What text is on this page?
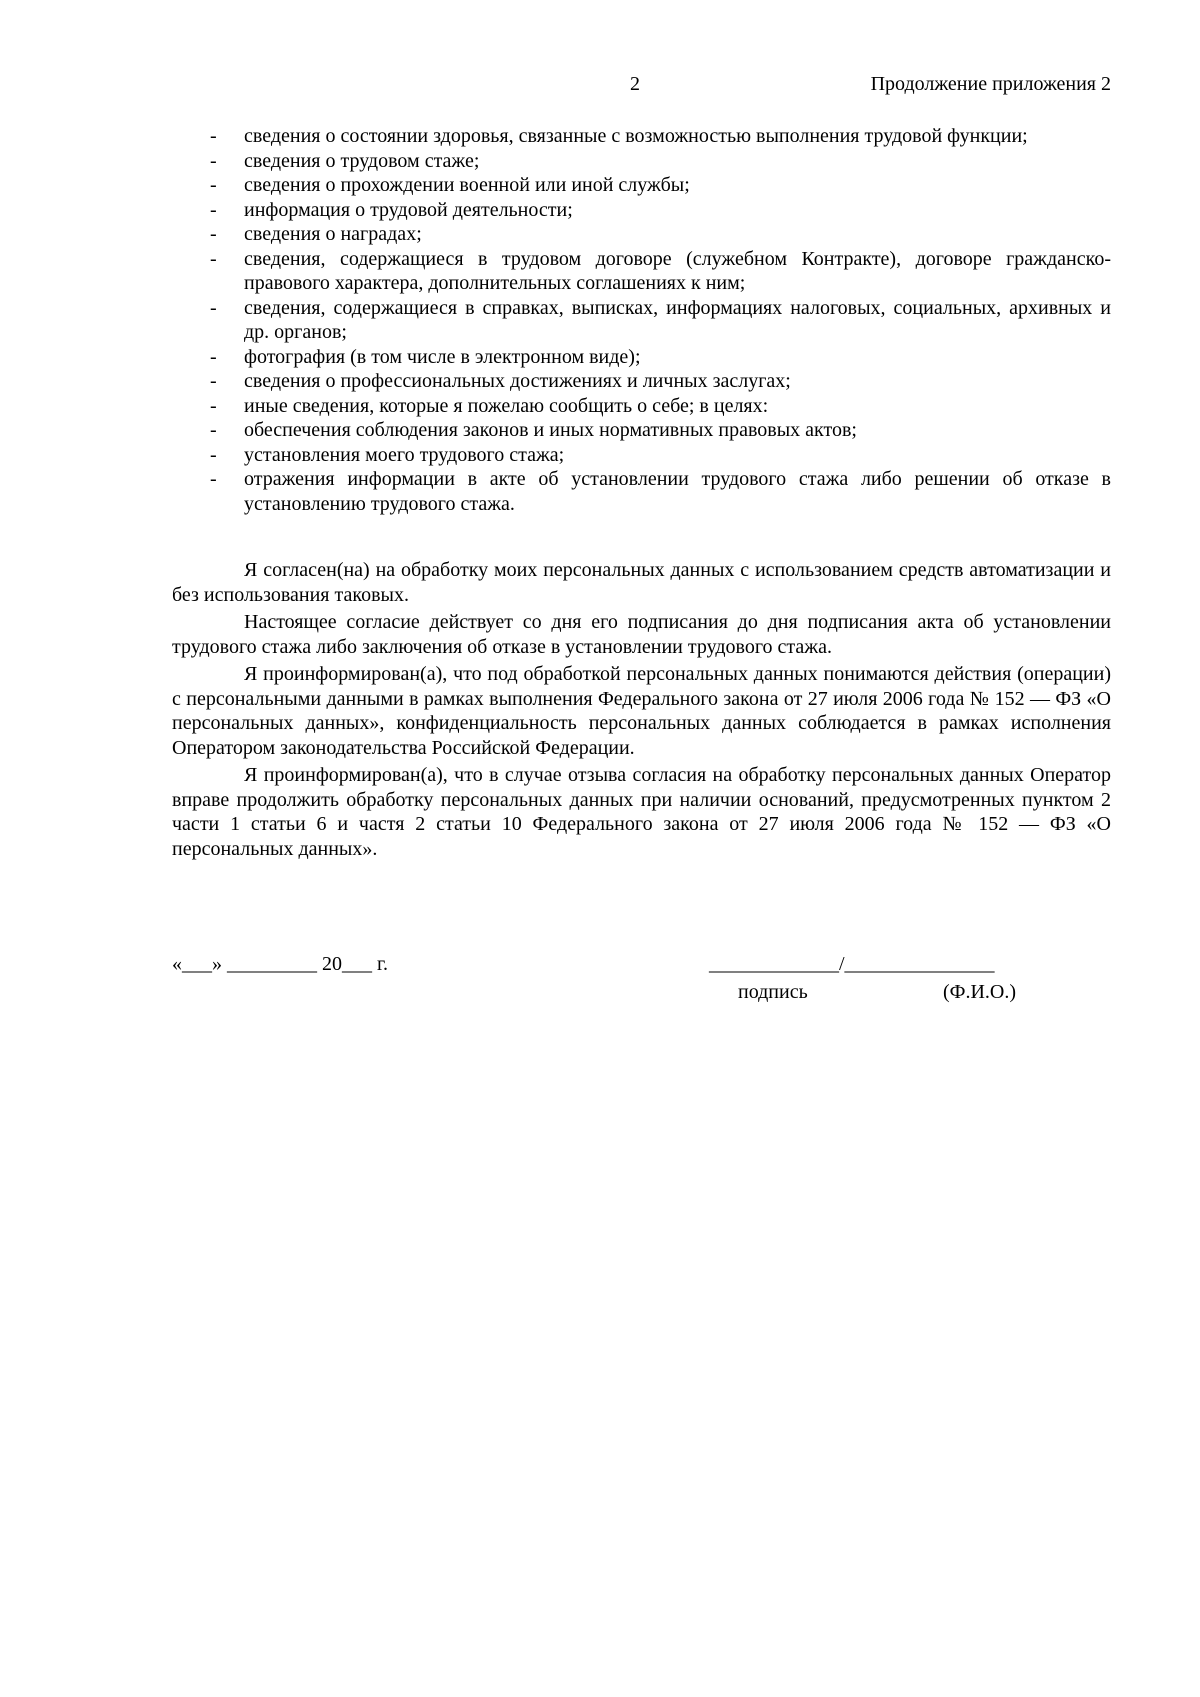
2	Продолжение приложения 2
- сведения о состоянии здоровья, связанные с возможностью выполнения трудовой функции;
- сведения о трудовом стаже;
- сведения о прохождении военной или иной службы;
- информация о трудовой деятельности;
- сведения о наградах;
- сведения, содержащиеся в трудовом договоре (служебном Контракте), договоре гражданско-правового характера, дополнительных соглашениях к ним;
- сведения, содержащиеся в справках, выписках, информациях налоговых, социальных, архивных и др. органов;
- фотография (в том числе в электронном виде);
- сведения о профессиональных достижениях и личных заслугах;
- иные сведения, которые я пожелаю сообщить о себе; в целях:
- обеспечения соблюдения законов и иных нормативных правовых актов;
- установления моего трудового стажа;
- отражения информации в акте об установлении трудового стажа либо решении об отказе в установлению трудового стажа.

Я согласен(на) на обработку моих персональных данных с использованием средств автоматизации и без использования таковых.

Настоящее согласие действует со дня его подписания до дня подписания акта об установлении трудового стажа либо заключения об отказе в установлении трудового стажа.

Я проинформирован(а), что под обработкой персональных данных понимаются действия (операции) с персональными данными в рамках выполнения Федерального закона от 27 июля 2006 года № 152 — ФЗ «О персональных данных», конфиденциальность персональных данных соблюдается в рамках исполнения Оператором законодательства Российской Федерации.

Я проинформирован(а), что в случае отзыва согласия на обработку персональных данных Оператор вправе продолжить обработку персональных данных при наличии оснований, предусмотренных пунктом 2 части 1 статьи 6 и частя 2 статьи 10 Федерального закона от 27 июля 2006 года № 152 — ФЗ «О персональных данных».

«___» _________ 20___ г.	_____________/_______________
подпись	(Ф.И.О.)
